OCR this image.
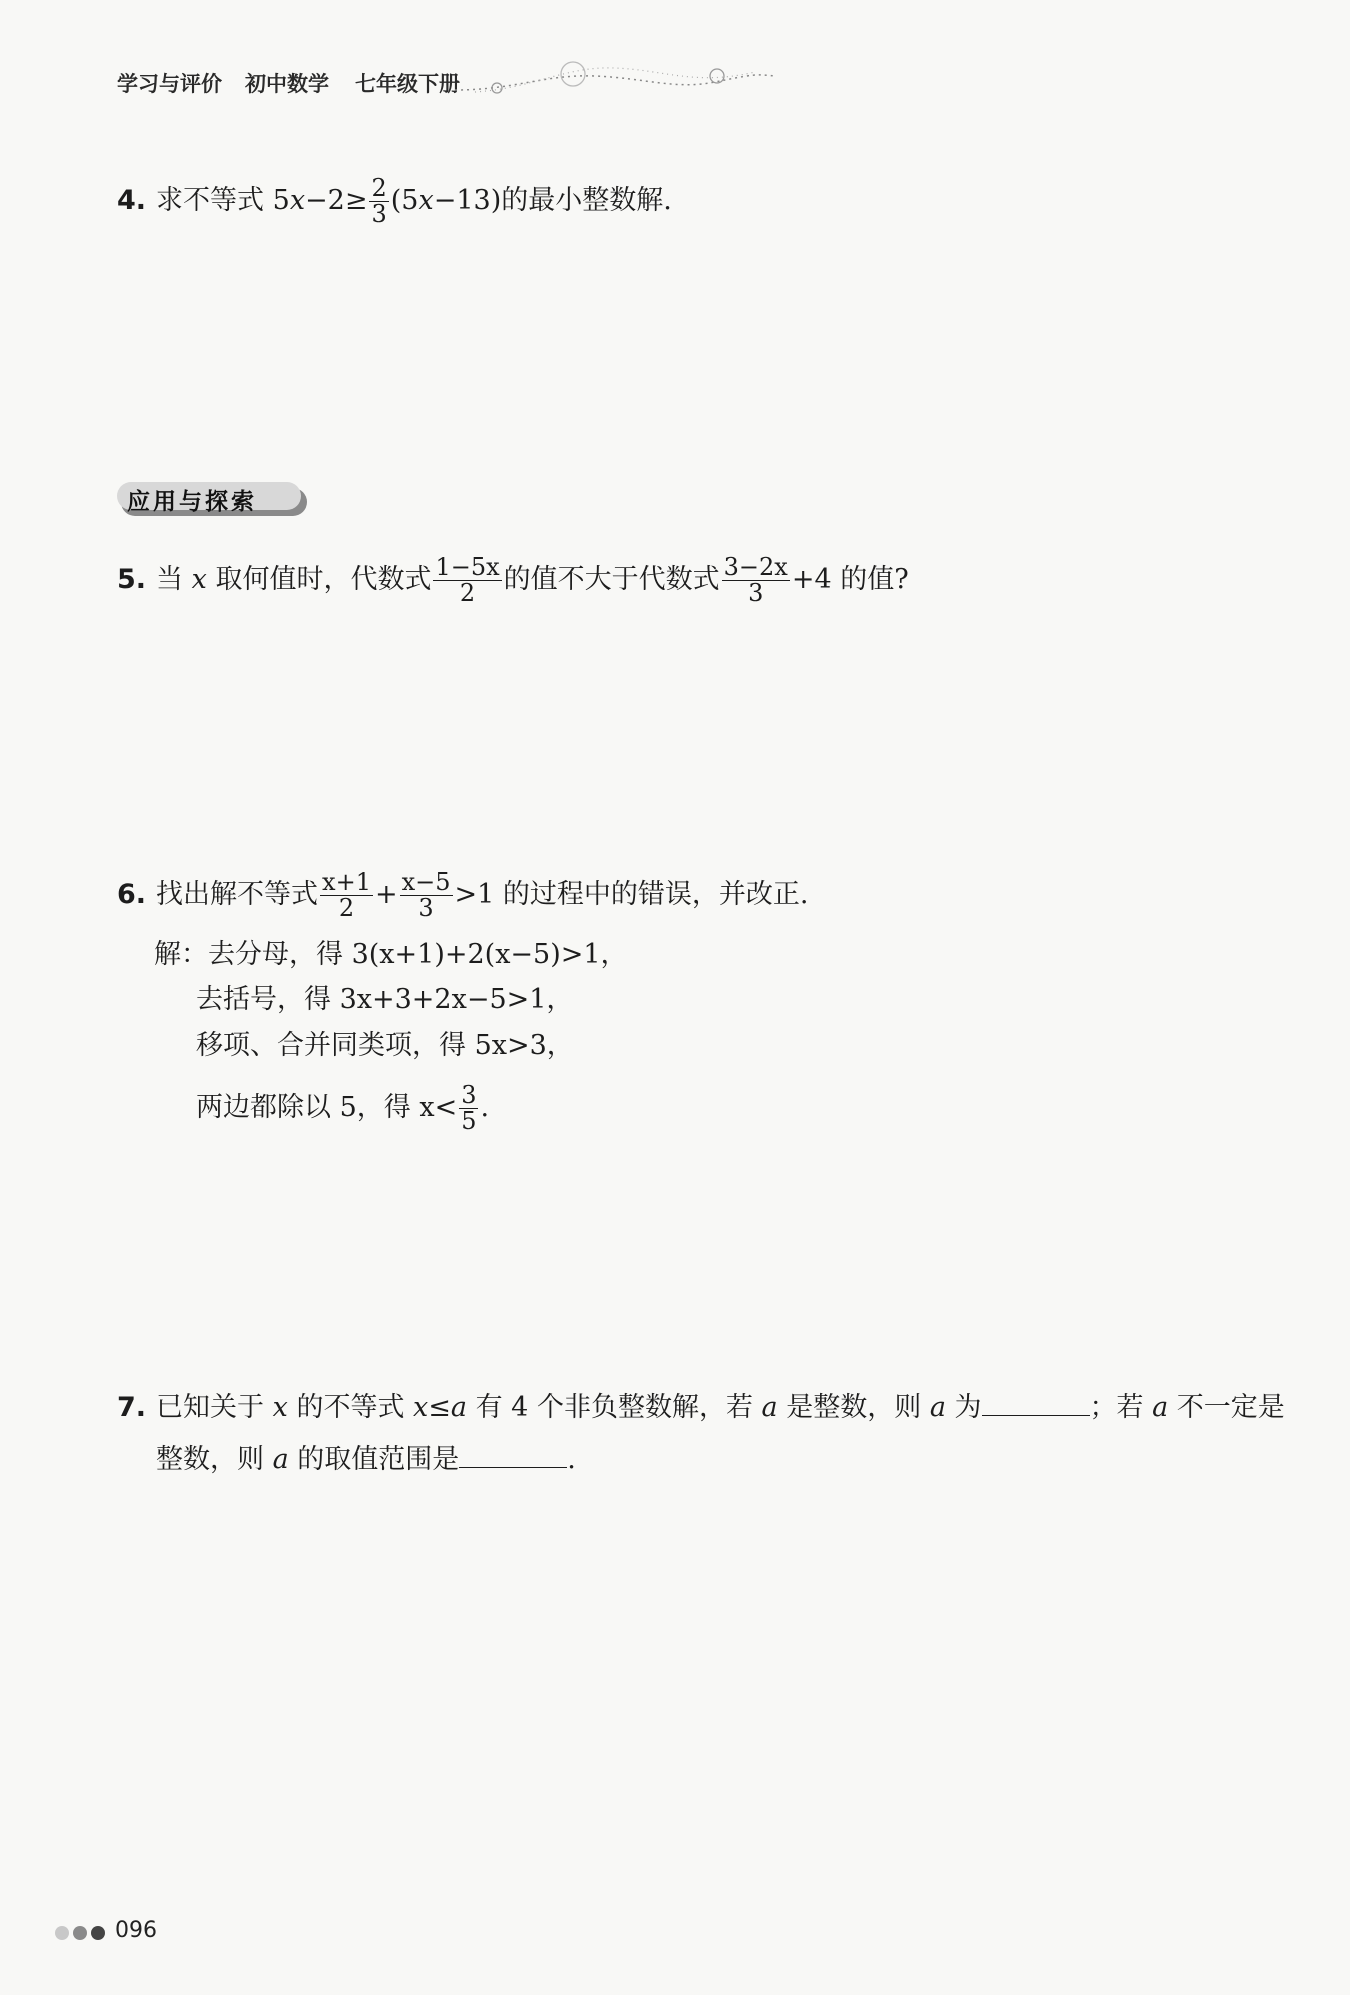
学习与评价 初中数学 七年级下册
4. 求不等式 $5x-2\ge \frac{2}{3} (5x-13)$的最小整数解.
应用与探索
5. 当 x 取何值时，代数式 $\frac{1-5x}{2}$ 的值不大于代数式 $\frac{3-2x}{3} +4$ 的值?
6. 找出解不等式 $\frac{x+1}{2} + \frac{x-5}{3} >1$ 的过程中的错误，并改正.
解：去分母，得 3(x+1)+2(x−5)>1，
去括号，得 3x+3+2x−5>1，
移项、合并同类项，得 5x>3，
两边都除以 5，得 $x< \frac{3}{5}$ .
7. 已知关于 x 的不等式 x≤a 有 4 个非负整数解，若 a 是整数，则 a 为	；若 a 不一定是
整数，则 a 的取值范围是	.
096
